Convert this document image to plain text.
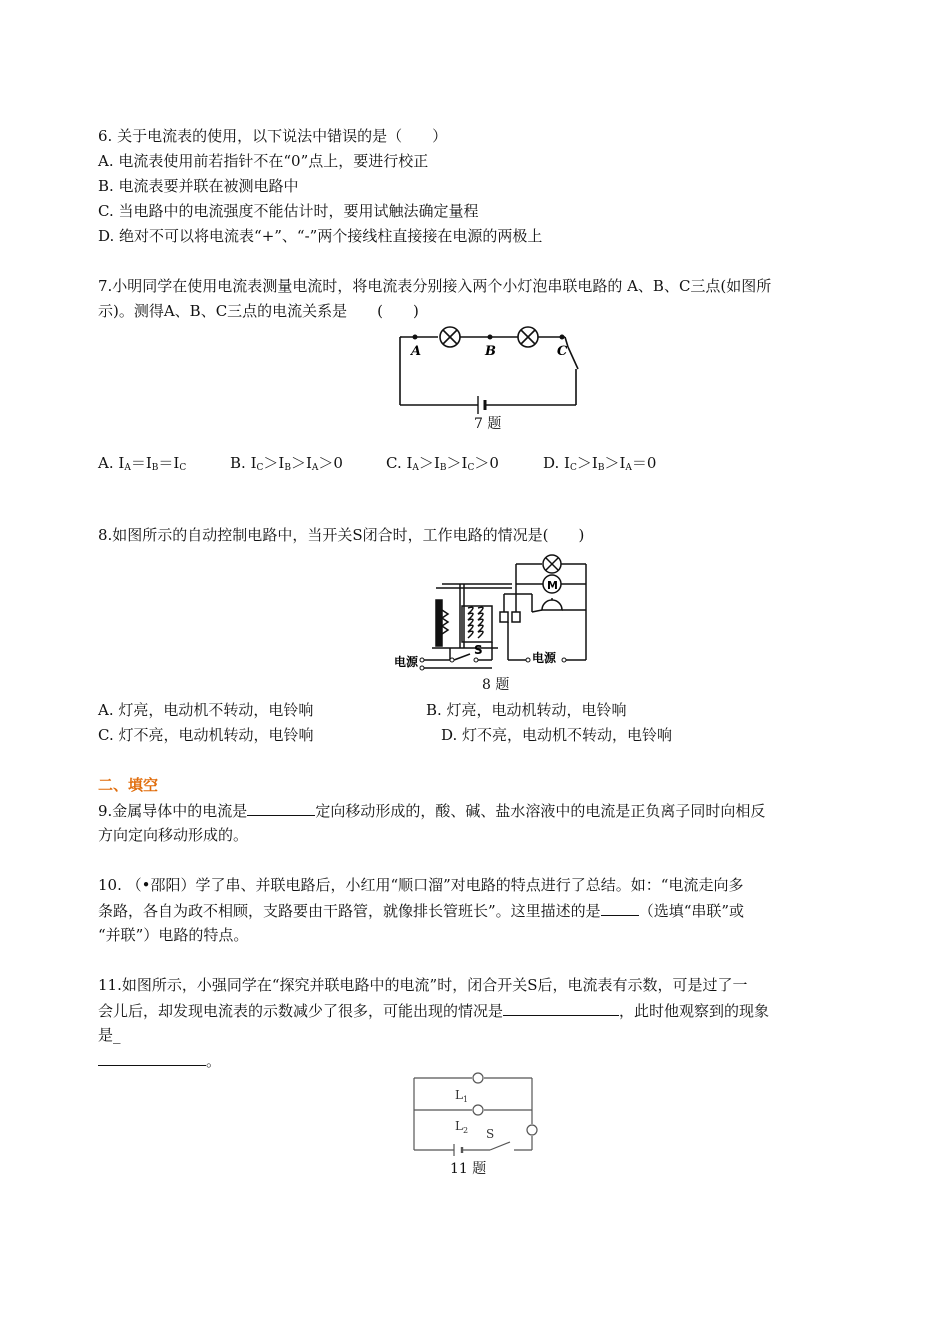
6. 关于电流表的使用，以下说法中错误的是（　　）
A. 电流表使用前若指针不在“0”点上，要进行校正
B. 电流表要并联在被测电路中
C. 当电路中的电流强度不能估计时，要用试触法确定量程
D. 绝对不可以将电流表“+”、“-”两个接线柱直接接在电源的两极上
7.小明同学在使用电流表测量电流时，将电流表分别接入两个小灯泡串联电路的 A、B、C三点(如图所
示)。测得A、B、C三点的电流关系是　　(　　)
A	B	C
7 题
A. $I_A=I_B=I_C$	B. $I_C>I_B>I_A>0$	C. $I_A>I_B>I_C>0$	D. $I_C>I_B>I_A=0$
8.如图所示的自动控制电路中，当开关S闭合时，工作电路的情况是(　　)
M
电源
S
电源
8 题
A. 灯亮，电动机不转动，电铃响	B. 灯亮，电动机转动，电铃响
C. 灯不亮，电动机转动，电铃响	D. 灯不亮，电动机不转动，电铃响
二、填空
9.金属导体中的电流是	定向移动形成的，酸、碱、盐水溶液中的电流是正负离子同时向相反
方向定向移动形成的。
10. （•邵阳）学了串、并联电路后，小红用“顺口溜”对电路的特点进行了总结。如：“电流走向多
条路，各自为政不相顾，支路要由干路管，就像排长管班长”。这里描述的是	（选填“串联”或
“并联”）电路的特点。
11.如图所示，小强同学在“探究并联电路中的电流”时，闭合开关S后，电流表有示数，可是过了一
会儿后，却发现电流表的示数减少了很多，可能出现的情况是	，此时他观察到的现象
是_
。
$L_1$
$L_2$ S
11 题
